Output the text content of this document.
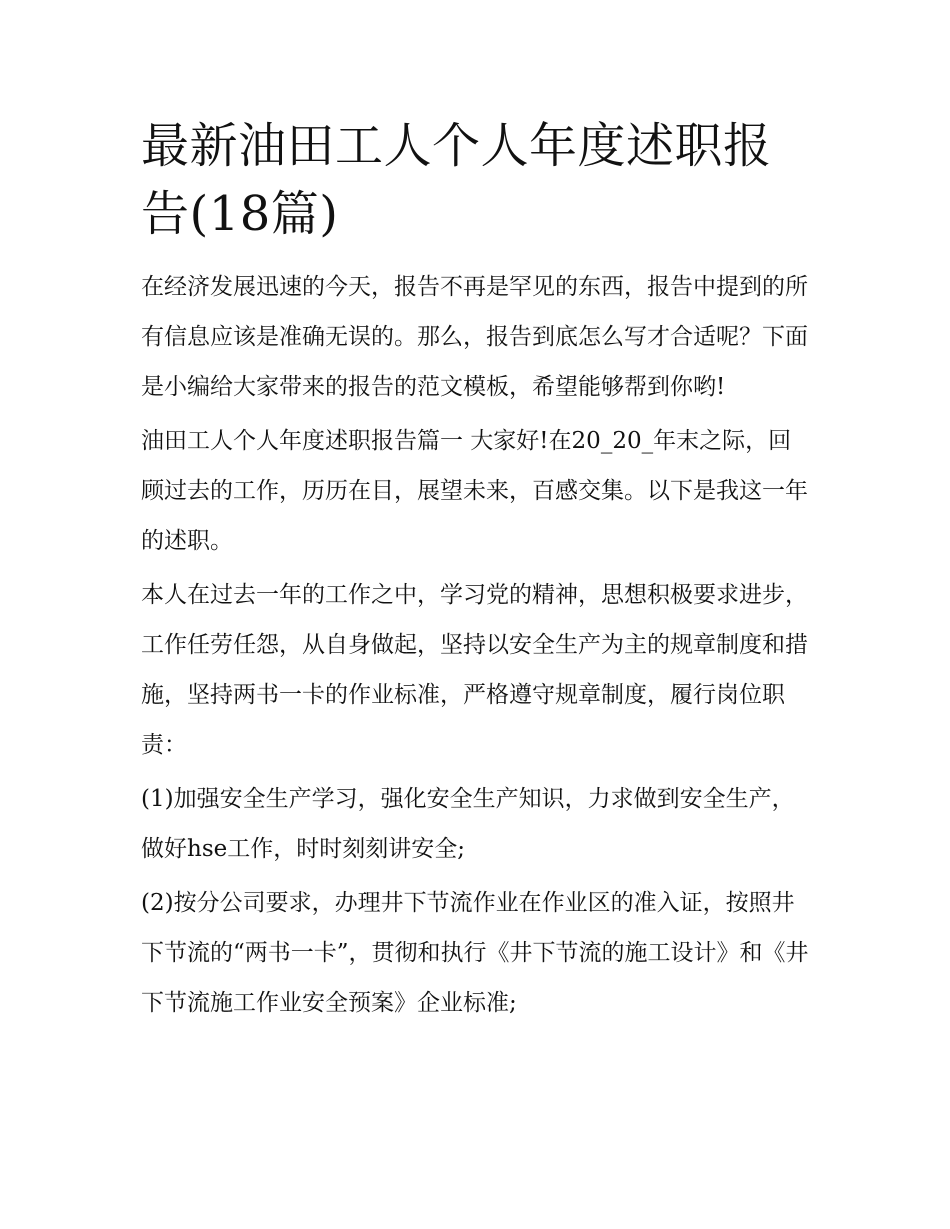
最新油田工人个人年度述职报告(18篇)

在经济发展迅速的今天，报告不再是罕见的东西，报告中提到的所有信息应该是准确无误的。那么，报告到底怎么写才合适呢？下面是小编给大家带来的报告的范文模板，希望能够帮到你哟!

油田工人个人年度述职报告篇一 大家好!在20_20_年末之际，回顾过去的工作，历历在目，展望未来，百感交集。以下是我这一年的述职。

本人在过去一年的工作之中，学习党的精神，思想积极要求进步，工作任劳任怨，从自身做起，坚持以安全生产为主的规章制度和措施，坚持两书一卡的作业标准，严格遵守规章制度，履行岗位职责：

(1)加强安全生产学习，强化安全生产知识，力求做到安全生产，做好hse工作，时时刻刻讲安全;

(2)按分公司要求，办理井下节流作业在作业区的准入证，按照井下节流的“两书一卡”，贯彻和执行《井下节流的施工设计》和《井下节流施工作业安全预案》企业标准;
